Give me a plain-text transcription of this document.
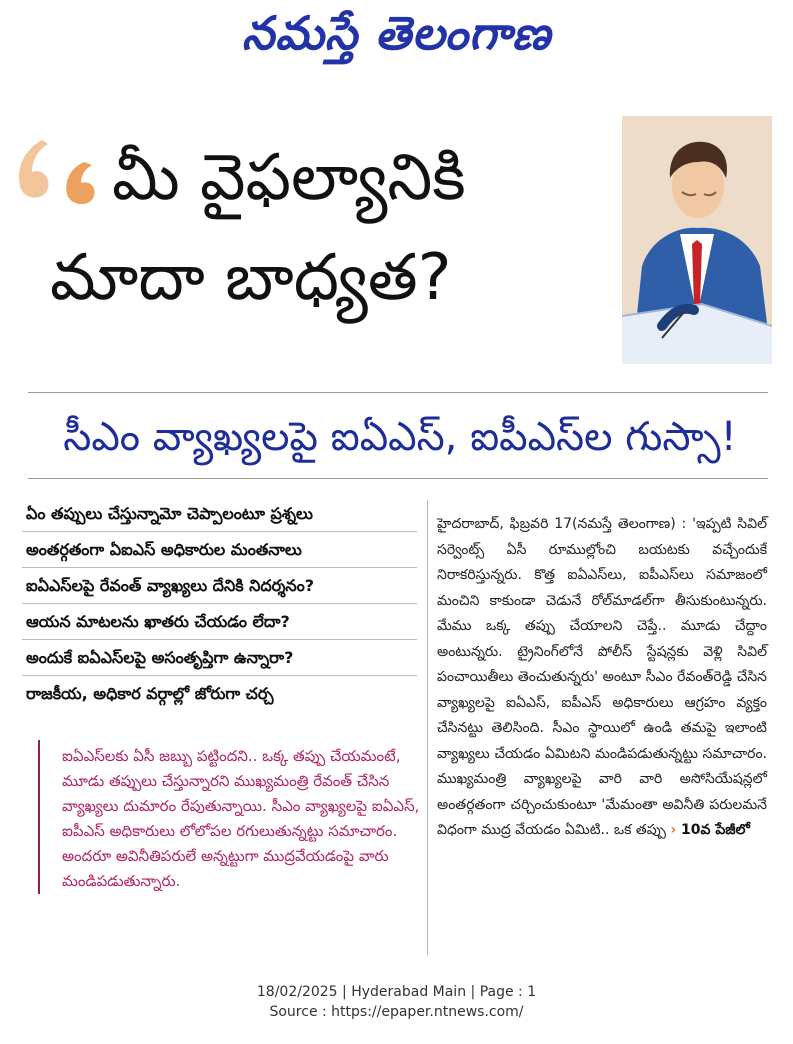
నమస్తే తెలంగాణ
మీ వైఫల్యానికి
మాదా బాధ్యత?
సీఎం వ్యాఖ్యలపై ఐఏఎస్, ఐపీఎస్‌ల గుస్సా!
ఏం తప్పులు చేస్తున్నామో చెప్పాలంటూ ప్రశ్నలు
అంతర్గతంగా ఏఐఎస్ అధికారుల మంతనాలు
ఐఏఎస్‌లపై రేవంత్ వ్యాఖ్యలు దేనికి నిదర్శనం?
ఆయన మాటలను ఖాతరు చేయడం లేదా?
అందుకే ఐఏఎస్‌లపై అసంతృప్తిగా ఉన్నారా?
రాజకీయ, అధికార వర్గాల్లో జోరుగా చర్చ
ఐఏఎస్‌లకు ఏసీ జబ్బు పట్టిందని.. ఒక్క తప్పు చేయమంటే, మూడు తప్పులు చేస్తున్నారని ముఖ్యమంత్రి రేవంత్ చేసిన వ్యాఖ్యలు దుమారం రేపుతున్నాయి. సీఎం వ్యాఖ్యలపై ఐఏఎస్, ఐపీఎస్ అధికారులు లోలోపల రగులుతున్నట్టు సమాచారం. అందరూ అవినీతిపరులే అన్నట్టుగా ముద్రవేయడంపై వారు మండిపడుతున్నారు.
హైదరాబాద్, ఫిబ్రవరి 17(నమస్తే తెలంగాణ) : 'ఇప్పటి సివిల్ సర్వెంట్స్ ఏసీ రూముల్లోంచి బయటకు వచ్చేందుకే నిరాకరిస్తున్నరు. కొత్త ఐఏఎస్‌లు, ఐపీఎస్‌లు సమాజంలో మంచిని కాకుండా చెడునే రోల్‌మాడల్‌గా తీసుకుంటున్నరు. మేము ఒక్క తప్పు చేయాలని చెప్తే.. మూడు చేద్దాం అంటున్నరు. ట్రైనింగ్‌లోనే పోలీస్ స్టేషన్లకు వెళ్లి సివిల్ పంచాయితీలు తెంచుతున్నరు' అంటూ సీఎం రేవంత్‌రెడ్డి చేసిన వ్యాఖ్యలపై ఐఏఎస్, ఐపీఎస్ అధికారులు ఆగ్రహం వ్యక్తం చేసినట్టు తెలిసింది. సీఎం స్థాయిలో ఉండి తమపై ఇలాంటి వ్యాఖ్యలు చేయడం ఏమిటని మండిపడుతున్నట్టు సమాచారం. ముఖ్యమంత్రి వ్యాఖ్యలపై వారి వారి అసోసియేషన్లలో అంతర్గతంగా చర్చించుకుంటూ 'మేమంతా అవినీతి పరులమనే విధంగా ముద్ర వేయడం ఏమిటి.. ఒక తప్పు › 10వ పేజీలో
18/02/2025 | Hyderabad Main | Page : 1
Source : https://epaper.ntnews.com/
